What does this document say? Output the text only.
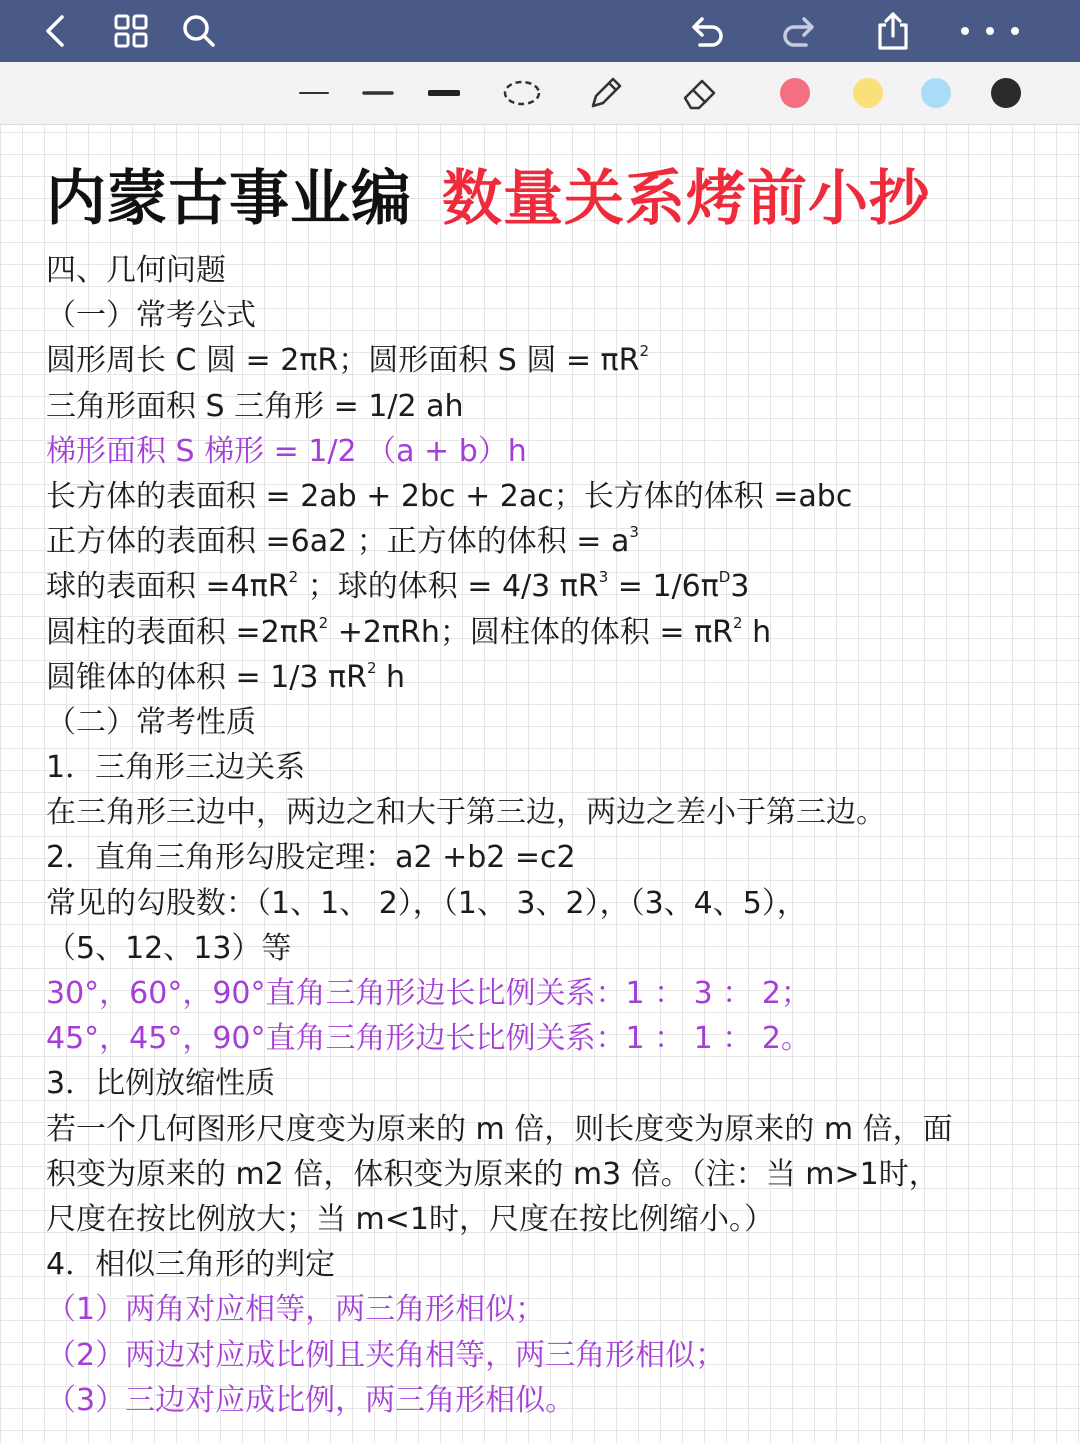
内蒙古事业编 数量关系烤前小抄
四、几何问题
（一）常考公式
圆形周长 C 圆 = 2πR；圆形面积 S 圆 = $\pi R^2$
三角形面积 S 三角形 = 1/2 ah
梯形面积 S 梯形 = 1/2 （a + b）h
长方体的表面积 = 2ab + 2bc + 2ac；长方体的体积 =abc
正方体的表面积 =6a2 ；正方体的体积 = $a^3$
球的表面积 $=4\pi R^2$ ；球的体积 = 4/3 $\pi R^3 = 1/6\pi^D3$
圆柱的表面积 $=2\pi R^2 +2\pi Rh$；圆柱体的体积 = $\pi R^2$ h
圆锥体的体积 = 1/3 $\pi R^2$ h
（二）常考性质
1．三角形三边关系
在三角形三边中，两边之和大于第三边，两边之差小于第三边。
2．直角三角形勾股定理：a2 +b2 =c2
常见的勾股数：（1、1、 2），（1、 3、2），（3、4、5），
（5、12、13）等
30°，60°，90°直角三角形边长比例关系：1 ： 3 ： 2；
45°，45°，90°直角三角形边长比例关系：1 ： 1 ： 2。
3．比例放缩性质
若一个几何图形尺度变为原来的 m 倍，则长度变为原来的 m 倍，面
积变为原来的 m2 倍，体积变为原来的 m3 倍。（注：当 m>1时，
尺度在按比例放大；当 m<1时，尺度在按比例缩小。）
4．相似三角形的判定
（1）两角对应相等，两三角形相似；
（2）两边对应成比例且夹角相等，两三角形相似；
（3）三边对应成比例，两三角形相似。
